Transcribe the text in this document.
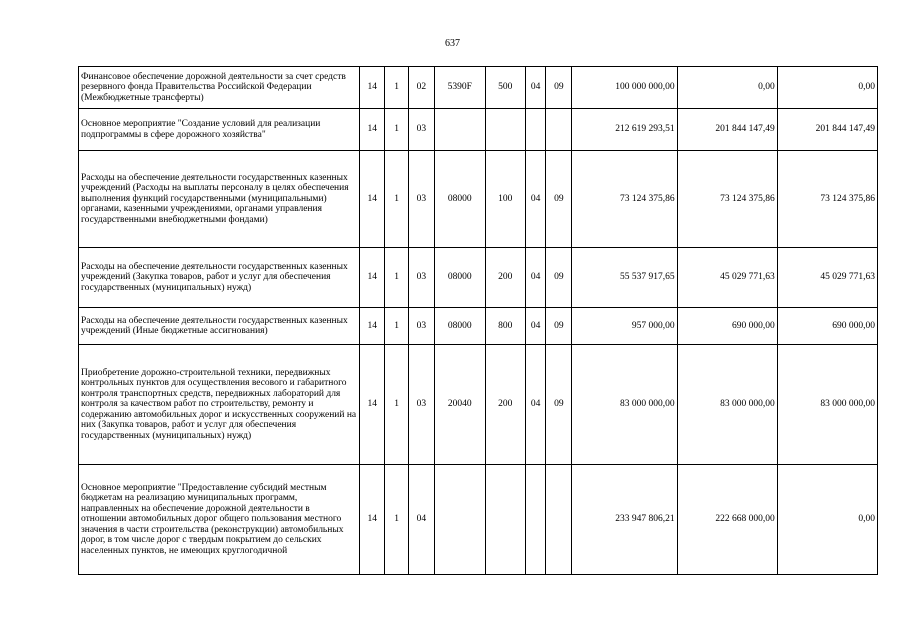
637
Финансовое обеспечение дорожной деятельности за счет средств резервного фонда Правительства Российской Федерации (Межбюджетные трансферты)	14	1	02	5390F	500	04	09	100 000 000,00	0,00	0,00
Основное мероприятие "Создание условий для реализации подпрограммы в сфере дорожного хозяйства"	14	1	03					212 619 293,51	201 844 147,49	201 844 147,49
Расходы на обеспечение деятельности государственных казенных учреждений (Расходы на выплаты персоналу в целях обеспечения выполнения функций государственными (муниципальными) органами, казенными учреждениями, органами управления государственными внебюджетными фондами)	14	1	03	08000	100	04	09	73 124 375,86	73 124 375,86	73 124 375,86
Расходы на обеспечение деятельности государственных казенных учреждений (Закупка товаров, работ и услуг для обеспечения государственных (муниципальных) нужд)	14	1	03	08000	200	04	09	55 537 917,65	45 029 771,63	45 029 771,63
Расходы на обеспечение деятельности государственных казенных учреждений (Иные бюджетные ассигнования)	14	1	03	08000	800	04	09	957 000,00	690 000,00	690 000,00
Приобретение дорожно-строительной техники, передвижных контрольных пунктов для осуществления весового и габаритного контроля транспортных средств, передвижных лабораторий для контроля за качеством работ по строительству, ремонту и содержанию автомобильных дорог и искусственных сооружений на них (Закупка товаров, работ и услуг для обеспечения государственных (муниципальных) нужд)	14	1	03	20040	200	04	09	83 000 000,00	83 000 000,00	83 000 000,00
Основное мероприятие "Предоставление субсидий местным бюджетам на реализацию муниципальных программ, направленных на обеспечение дорожной деятельности в отношении автомобильных дорог общего пользования местного значения в части строительства (реконструкции) автомобильных дорог, в том числе дорог с твердым покрытием до сельских населенных пунктов, не имеющих круглогодичной	14	1	04					233 947 806,21	222 668 000,00	0,00
